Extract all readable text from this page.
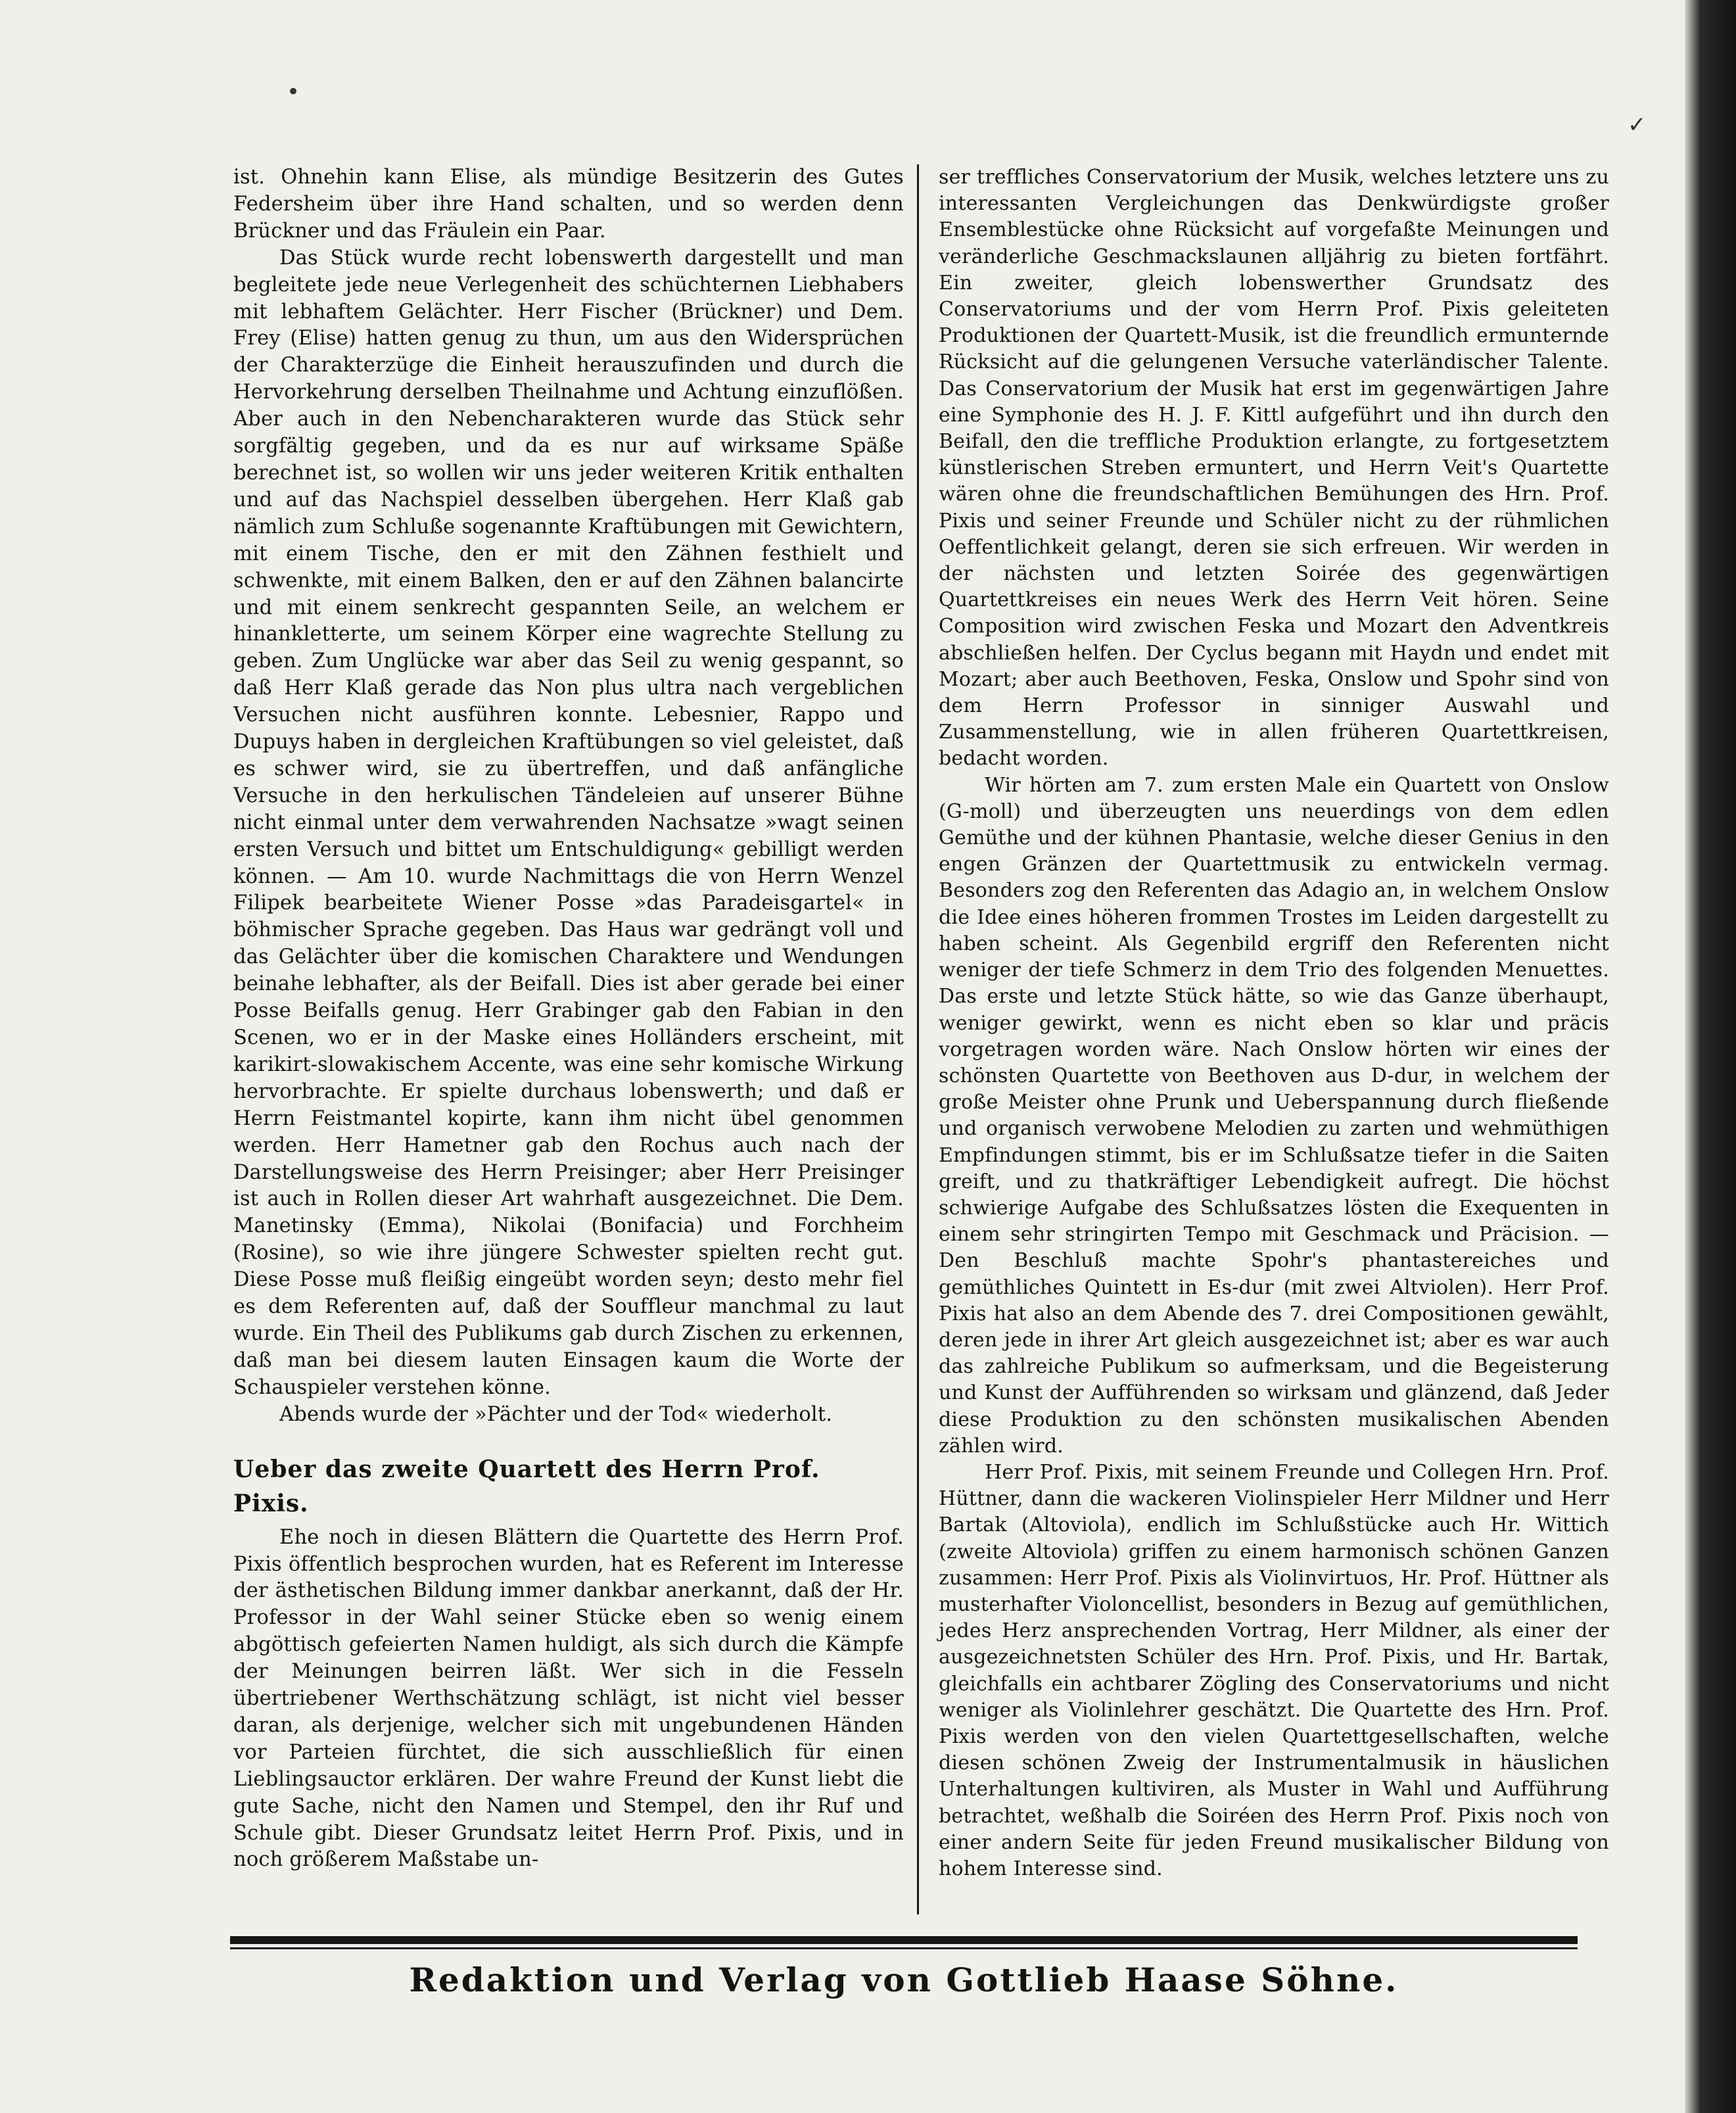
•
✓

ist. Ohnehin kann Elise, als mündige Besitzerin des Gutes Federsheim über ihre Hand schalten, und so werden denn Brückner und das Fräulein ein Paar.

Das Stück wurde recht lobenswerth dargestellt und man begleitete jede neue Verlegenheit des schüchternen Liebhabers mit lebhaftem Gelächter. Herr Fischer (Brückner) und Dem. Frey (Elise) hatten genug zu thun, um aus den Widersprüchen der Charakterzüge die Einheit herauszufinden und durch die Hervorkehrung derselben Theilnahme und Achtung einzuflößen. Aber auch in den Nebencharakteren wurde das Stück sehr sorgfältig gegeben, und da es nur auf wirksame Späße berechnet ist, so wollen wir uns jeder weiteren Kritik enthalten und auf das Nachspiel desselben übergehen. Herr Klaß gab nämlich zum Schluße sogenannte Kraftübungen mit Gewichtern, mit einem Tische, den er mit den Zähnen festhielt und schwenkte, mit einem Balken, den er auf den Zähnen balancirte und mit einem senkrecht gespannten Seile, an welchem er hinankletterte, um seinem Körper eine wagrechte Stellung zu geben. Zum Unglücke war aber das Seil zu wenig gespannt, so daß Herr Klaß gerade das Non plus ultra nach vergeblichen Versuchen nicht ausführen konnte. Lebesnier, Rappo und Dupuys haben in dergleichen Kraftübungen so viel geleistet, daß es schwer wird, sie zu übertreffen, und daß anfängliche Versuche in den herkulischen Tändeleien auf unserer Bühne nicht einmal unter dem verwahrenden Nachsatze »wagt seinen ersten Versuch und bittet um Entschuldigung« gebilligt werden können. — Am 10. wurde Nachmittags die von Herrn Wenzel Filipek bearbeitete Wiener Posse »das Paradeisgartel« in böhmischer Sprache gegeben. Das Haus war gedrängt voll und das Gelächter über die komischen Charaktere und Wendungen beinahe lebhafter, als der Beifall. Dies ist aber gerade bei einer Posse Beifalls genug. Herr Grabinger gab den Fabian in den Scenen, wo er in der Maske eines Holländers erscheint, mit karikirt-slowakischem Accente, was eine sehr komische Wirkung hervorbrachte. Er spielte durchaus lobenswerth; und daß er Herrn Feistmantel kopirte, kann ihm nicht übel genommen werden. Herr Hametner gab den Rochus auch nach der Darstellungsweise des Herrn Preisinger; aber Herr Preisinger ist auch in Rollen dieser Art wahrhaft ausgezeichnet. Die Dem. Manetinsky (Emma), Nikolai (Bonifacia) und Forchheim (Rosine), so wie ihre jüngere Schwester spielten recht gut. Diese Posse muß fleißig eingeübt worden seyn; desto mehr fiel es dem Referenten auf, daß der Souffleur manchmal zu laut wurde. Ein Theil des Publikums gab durch Zischen zu erkennen, daß man bei diesem lauten Einsagen kaum die Worte der Schauspieler verstehen könne.

Abends wurde der »Pächter und der Tod« wiederholt.

Ueber das zweite Quartett des Herrn Prof. Pixis.

Ehe noch in diesen Blättern die Quartette des Herrn Prof. Pixis öffentlich besprochen wurden, hat es Referent im Interesse der ästhetischen Bildung immer dankbar anerkannt, daß der Hr. Professor in der Wahl seiner Stücke eben so wenig einem abgöttisch gefeierten Namen huldigt, als sich durch die Kämpfe der Meinungen beirren läßt. Wer sich in die Fesseln übertriebener Werthschätzung schlägt, ist nicht viel besser daran, als derjenige, welcher sich mit ungebundenen Händen vor Parteien fürchtet, die sich ausschließlich für einen Lieblingsauctor erklären. Der wahre Freund der Kunst liebt die gute Sache, nicht den Namen und Stempel, den ihr Ruf und Schule gibt. Dieser Grundsatz leitet Herrn Prof. Pixis, und in noch größerem Maßstabe un-

ser treffliches Conservatorium der Musik, welches letztere uns zu interessanten Vergleichungen das Denkwürdigste großer Ensemblestücke ohne Rücksicht auf vorgefaßte Meinungen und veränderliche Geschmackslaunen alljährig zu bieten fortfährt. Ein zweiter, gleich lobenswerther Grundsatz des Conservatoriums und der vom Herrn Prof. Pixis geleiteten Produktionen der Quartett-Musik, ist die freundlich ermunternde Rücksicht auf die gelungenen Versuche vaterländischer Talente. Das Conservatorium der Musik hat erst im gegenwärtigen Jahre eine Symphonie des H. J. F. Kittl aufgeführt und ihn durch den Beifall, den die treffliche Produktion erlangte, zu fortgesetztem künstlerischen Streben ermuntert, und Herrn Veit's Quartette wären ohne die freundschaftlichen Bemühungen des Hrn. Prof. Pixis und seiner Freunde und Schüler nicht zu der rühmlichen Oeffentlichkeit gelangt, deren sie sich erfreuen. Wir werden in der nächsten und letzten Soirée des gegenwärtigen Quartettkreises ein neues Werk des Herrn Veit hören. Seine Composition wird zwischen Feska und Mozart den Adventkreis abschließen helfen. Der Cyclus begann mit Haydn und endet mit Mozart; aber auch Beethoven, Feska, Onslow und Spohr sind von dem Herrn Professor in sinniger Auswahl und Zusammenstellung, wie in allen früheren Quartettkreisen, bedacht worden.

Wir hörten am 7. zum ersten Male ein Quartett von Onslow (G-moll) und überzeugten uns neuerdings von dem edlen Gemüthe und der kühnen Phantasie, welche dieser Genius in den engen Gränzen der Quartettmusik zu entwickeln vermag. Besonders zog den Referenten das Adagio an, in welchem Onslow die Idee eines höheren frommen Trostes im Leiden dargestellt zu haben scheint. Als Gegenbild ergriff den Referenten nicht weniger der tiefe Schmerz in dem Trio des folgenden Menuettes. Das erste und letzte Stück hätte, so wie das Ganze überhaupt, weniger gewirkt, wenn es nicht eben so klar und präcis vorgetragen worden wäre. Nach Onslow hörten wir eines der schönsten Quartette von Beethoven aus D-dur, in welchem der große Meister ohne Prunk und Ueberspannung durch fließende und organisch verwobene Melodien zu zarten und wehmüthigen Empfindungen stimmt, bis er im Schlußsatze tiefer in die Saiten greift, und zu thatkräftiger Lebendigkeit aufregt. Die höchst schwierige Aufgabe des Schlußsatzes lösten die Exequenten in einem sehr stringirten Tempo mit Geschmack und Präcision. — Den Beschluß machte Spohr's phantastereiches und gemüthliches Quintett in Es-dur (mit zwei Altviolen). Herr Prof. Pixis hat also an dem Abende des 7. drei Compositionen gewählt, deren jede in ihrer Art gleich ausgezeichnet ist; aber es war auch das zahlreiche Publikum so aufmerksam, und die Begeisterung und Kunst der Aufführenden so wirksam und glänzend, daß Jeder diese Produktion zu den schönsten musikalischen Abenden zählen wird.

Herr Prof. Pixis, mit seinem Freunde und Collegen Hrn. Prof. Hüttner, dann die wackeren Violinspieler Herr Mildner und Herr Bartak (Altoviola), endlich im Schlußstücke auch Hr. Wittich (zweite Altoviola) griffen zu einem harmonisch schönen Ganzen zusammen: Herr Prof. Pixis als Violinvirtuos, Hr. Prof. Hüttner als musterhafter Violoncellist, besonders in Bezug auf gemüthlichen, jedes Herz ansprechenden Vortrag, Herr Mildner, als einer der ausgezeichnetsten Schüler des Hrn. Prof. Pixis, und Hr. Bartak, gleichfalls ein achtbarer Zögling des Conservatoriums und nicht weniger als Violinlehrer geschätzt. Die Quartette des Hrn. Prof. Pixis werden von den vielen Quartettgesellschaften, welche diesen schönen Zweig der Instrumentalmusik in häuslichen Unterhaltungen kultiviren, als Muster in Wahl und Aufführung betrachtet, weßhalb die Soiréen des Herrn Prof. Pixis noch von einer andern Seite für jeden Freund musikalischer Bildung von hohem Interesse sind.

Redaktion und Verlag von Gottlieb Haase Söhne.
